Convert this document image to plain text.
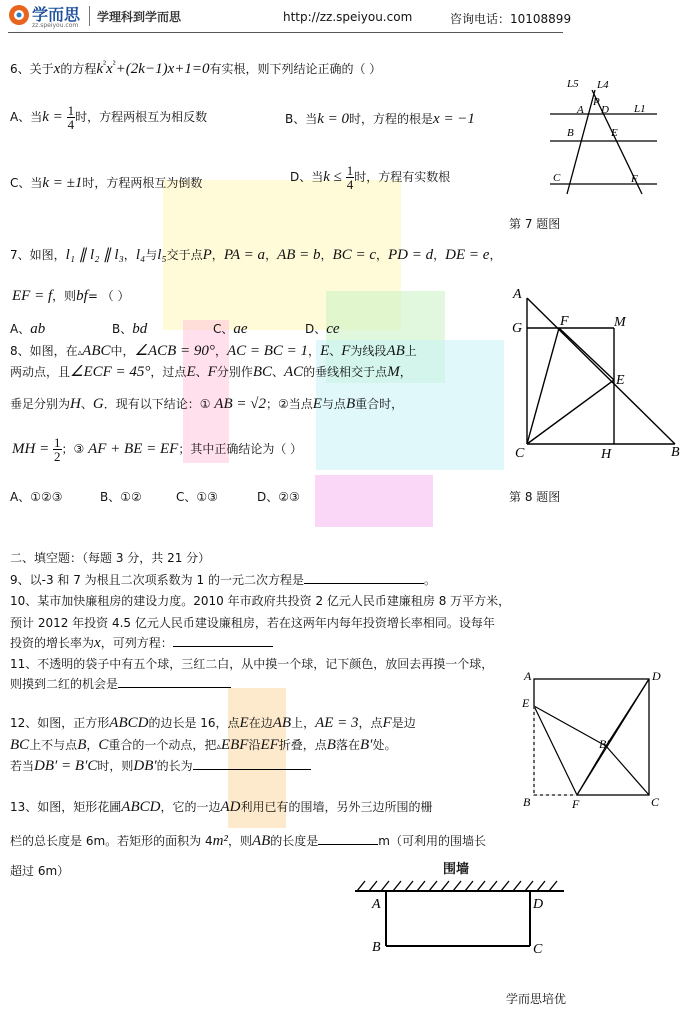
学而思
zz.speiyou.com
学理科到学而思	http://zz.speiyou.com	咨询电话：10108899
6、关于x的方程$k^{^2}x^{^2}+(2k-1)x+1=0$有实根，则下列结论正确的（ ）
A、当$k = \frac{1}{4}$ 时，方程两根互为相反数	B、当k = 0时，方程的根是x = −1
C、当k = ±1时，方程两根互为倒数	D、当$k \le \frac{1}{4}$ 时，方程有实数根
L5 L4
P
A D L1
B	E
C	F
第 7 题图
7、如图，l₁ ∥ l₂ ∥ l₃，l₄与l₅交于点P，PA = a，AB = b，BC = c，PD = d，DE = e，
EF = f，则bf= （ ）
A、ab	B、bd	C、ae	D、ce
8、如图，在▵ABC中，∠ACB = 90°，AC = BC = 1，E、F为线段AB上
两动点，且∠ECF = 45°，过点E、F分别作BC、AC的垂线相交于点M，
垂足分别为H、G．现有以下结论：① AB = √2；②当点E与点B重合时，
MH = $\frac{1}{2}$ ；③ AF + BE = EF；其中正确结论为（ ）
A、①②③	B、①②	C、①③	D、②③	第 8 题图
A
G	F	M
E
C	H	B
二、填空题：（每题 3 分，共 21 分）
9、以-3 和 7 为根且二次项系数为 1 的一元二次方程是	。
10、某市加快廉租房的建设力度。2010 年市政府共投资 2 亿元人民币建廉租房 8 万平方米，
预计 2012 年投资 4.5 亿元人民币建设廉租房，若在这两年内每年投资增长率相同。设每年
投资的增长率为x，可列方程：
11、不透明的袋子中有五个球，三红二白，从中摸一个球，记下颜色，放回去再摸一个球，
则摸到二红的机会是
12、如图，正方形ABCD的边长是 16，点E在边AB上，AE = 3，点F是边
BC上不与点B，C重合的一个动点，把▵EBF沿EF折叠，点B落在B′处。
若当DB′ = B′C时，则DB′的长为
A	D
E
B′
B	F	C
13、如图，矩形花圃ABCD，它的一边AD利用已有的围墙，另外三边所围的栅
栏的总长度是 6m。若矩形的面积为 4m²，则AB的长度是	m（可利用的围墙长
超过 6m）	围墙
A	D
B	C
学而思培优
